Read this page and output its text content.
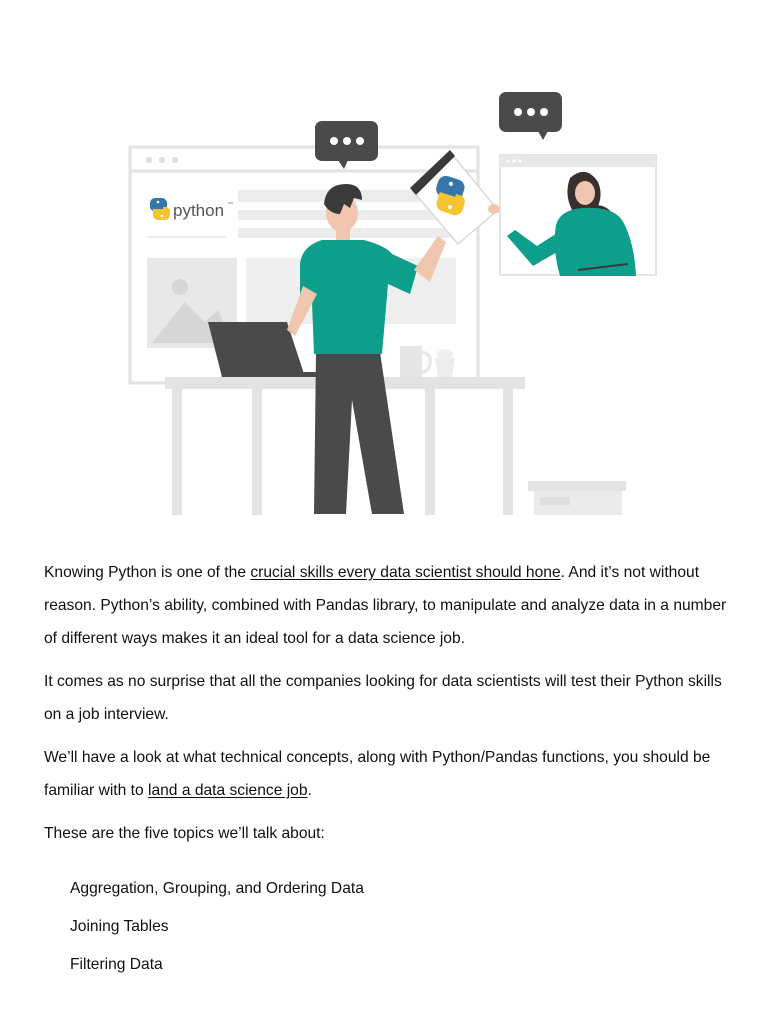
python ™

Knowing Python is one of the crucial skills every data scientist should hone. And it’s not without reason. Python’s ability, combined with Pandas library, to manipulate and analyze data in a number of different ways makes it an ideal tool for a data science job.

It comes as no surprise that all the companies looking for data scientists will test their Python skills on a job interview.

We’ll have a look at what technical concepts, along with Python/Pandas functions, you should be familiar with to land a data science job.

These are the five topics we’ll talk about:

Aggregation, Grouping, and Ordering Data
Joining Tables
Filtering Data
